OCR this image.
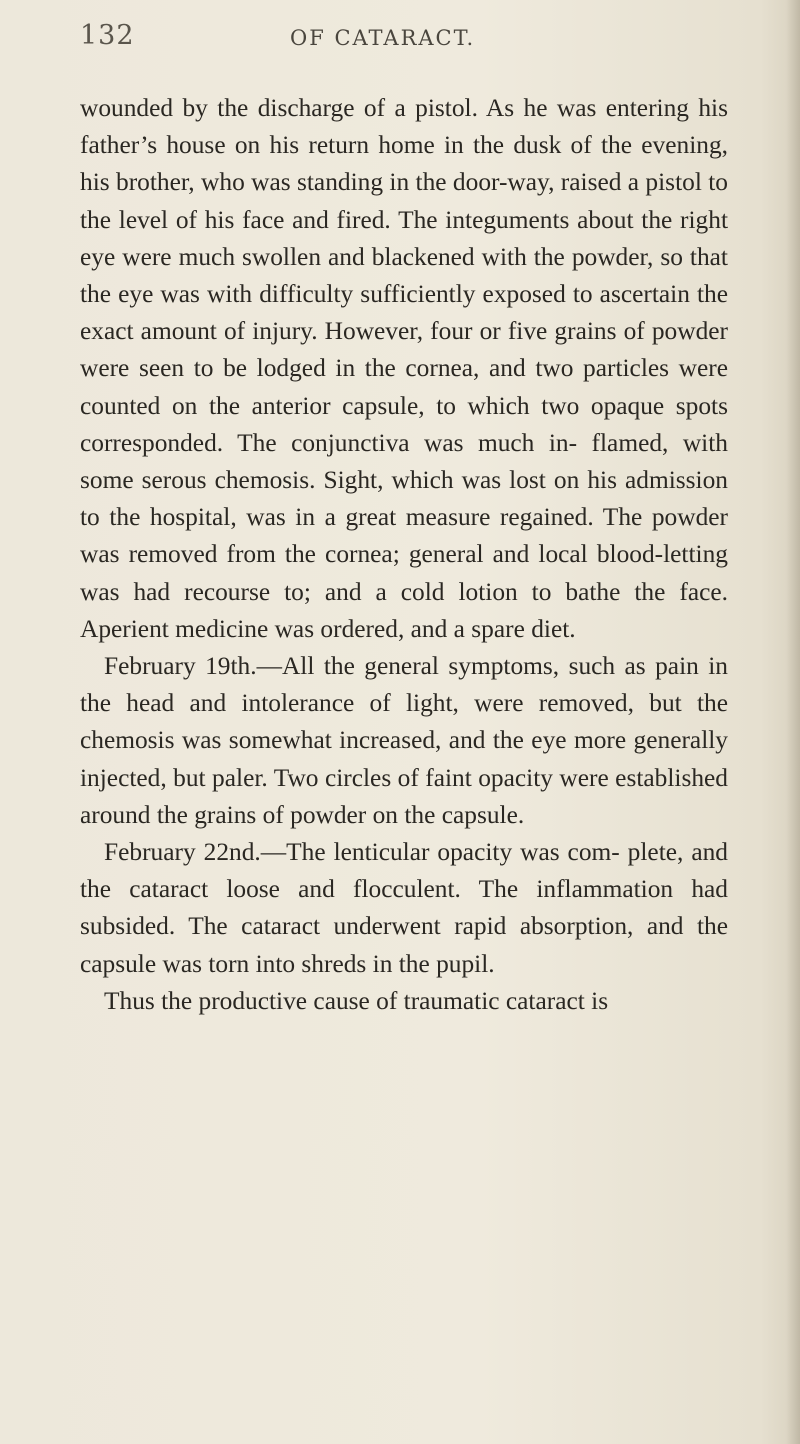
132	OF CATARACT.

wounded by the discharge of a pistol. As he was entering his father’s house on his return home in the dusk of the evening, his brother, who was standing in the door-way, raised a pistol to the level of his face and fired. The integuments about the right eye were much swollen and blackened with the powder, so that the eye was with difficulty sufficiently exposed to ascertain the exact amount of injury. However, four or five grains of powder were seen to be lodged in the cornea, and two particles were counted on the anterior capsule, to which two opaque spots corresponded. The conjunctiva was much in- flamed, with some serous chemosis. Sight, which was lost on his admission to the hospital, was in a great measure regained. The powder was removed from the cornea; general and local blood-letting was had recourse to; and a cold lotion to bathe the face. Aperient medicine was ordered, and a spare diet.

February 19th.—All the general symptoms, such as pain in the head and intolerance of light, were removed, but the chemosis was somewhat increased, and the eye more generally injected, but paler. Two circles of faint opacity were established around the grains of powder on the capsule.

February 22nd.—The lenticular opacity was com- plete, and the cataract loose and flocculent. The inflammation had subsided. The cataract underwent rapid absorption, and the capsule was torn into shreds in the pupil.

Thus the productive cause of traumatic cataract is
